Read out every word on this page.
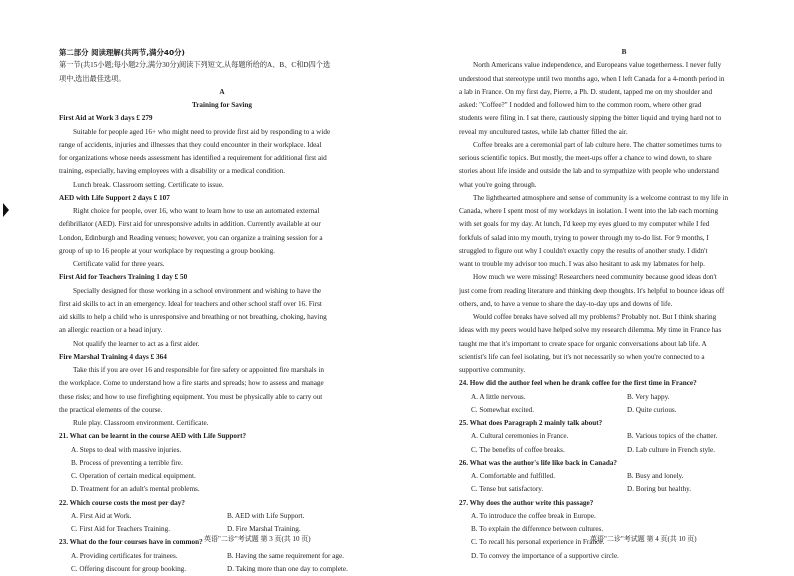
第二部分 阅读理解(共两节,满分40分)

第一节(共15小题;每小题2分,满分30分)阅读下列短文,从每题所给的A、B、C和D四个选

项中,选出最佳选项。

A

Training for Saving

First Aid at Work 3 days £ 279

Suitable for people aged 16+ who might need to provide first aid by responding to a wide

range of accidents, injuries and illnesses that they could encounter in their workplace. Ideal

for organizations whose needs assessment has identified a requirement for additional first aid

training, especially, having employees with a disability or a medical condition.

Lunch break. Classroom setting. Certificate to issue.

AED with Life Support 2 days £ 107

Right choice for people, over 16, who want to learn how to use an automated external

defibrillator (AED). First aid for unresponsive adults in addition. Currently available at our

London, Edinburgh and Reading venues; however, you can organize a training session for a

group of up to 16 people at your workplace by requesting a group booking.

Certificate valid for three years.

First Aid for Teachers Training 1 day £ 50

Specially designed for those working in a school environment and wishing to have the

first aid skills to act in an emergency. Ideal for teachers and other school staff over 16. First

aid skills to help a child who is unresponsive and breathing or not breathing, choking, having

an allergic reaction or a head injury.

Not qualify the learner to act as a first aider.

Fire Marshal Training 4 days £ 364

Take this if you are over 16 and responsible for fire safety or appointed fire marshals in

the workplace. Come to understand how a fire starts and spreads; how to assess and manage

these risks; and how to use firefighting equipment. You must be physically able to carry out

the practical elements of the course.

Rule play. Classroom environment. Certificate.

21. What can be learnt in the course AED with Life Support?

A. Steps to deal with massive injuries.

B. Process of preventing a terrible fire.

C. Operation of certain medical equipment.

D. Treatment for an adult's mental problems.

22. Which course costs the most per day?

A. First Aid at Work.	B. AED with Life Support.

C. First Aid for Teachers Training.	D. Fire Marshal Training.

23. What do the four courses have in common?

A. Providing certificates for trainees.	B. Having the same requirement for age.

C. Offering discount for group booking.	D. Taking more than one day to complete.

B

North Americans value independence, and Europeans value togetherness. I never fully

understood that stereotype until two months ago, when I left Canada for a 4-month period in

a lab in France. On my first day, Pierre, a Ph. D. student, tapped me on my shoulder and

asked: "Coffee?" I nodded and followed him to the common room, where other grad

students were filing in. I sat there, cautiously sipping the bitter liquid and trying hard not to

reveal my uncultured tastes, while lab chatter filled the air.

Coffee breaks are a ceremonial part of lab culture here. The chatter sometimes turns to

serious scientific topics. But mostly, the meet-ups offer a chance to wind down, to share

stories about life inside and outside the lab and to sympathize with people who understand

what you're going through.

The lighthearted atmosphere and sense of community is a welcome contrast to my life in

Canada, where I spent most of my workdays in isolation. I went into the lab each morning

with set goals for my day. At lunch, I'd keep my eyes glued to my computer while I fed

forkfuls of salad into my mouth, trying to power through my to-do list. For 9 months, I

struggled to figure out why I couldn't exactly copy the results of another study. I didn't

want to trouble my advisor too much. I was also hesitant to ask my labmates for help.

How much we were missing! Researchers need community because good ideas don't

just come from reading literature and thinking deep thoughts. It's helpful to bounce ideas off

others, and, to have a venue to share the day-to-day ups and downs of life.

Would coffee breaks have solved all my problems? Probably not. But I think sharing

ideas with my peers would have helped solve my research dilemma. My time in France has

taught me that it's important to create space for organic conversations about lab life. A

scientist's life can feel isolating, but it's not necessarily so when you're connected to a

supportive community.

24. How did the author feel when he drank coffee for the first time in France?

A. A little nervous.	B. Very happy.

C. Somewhat excited.	D. Quite curious.

25. What does Paragraph 2 mainly talk about?

A. Cultural ceremonies in France.	B. Various topics of the chatter.

C. The benefits of coffee breaks.	D. Lab culture in French style.

26. What was the author's life like back in Canada?

A. Comfortable and fulfilled.	B. Busy and lonely.

C. Tense but satisfactory.	D. Boring but healthy.

27. Why does the author write this passage?

A. To introduce the coffee break in Europe.

B. To explain the difference between cultures.

C. To recall his personal experience in France.

D. To convey the importance of a supportive circle.

英语"二诊"考试题 第 3 页(共 10 页)	英语"二诊"考试题 第 4 页(共 10 页)
